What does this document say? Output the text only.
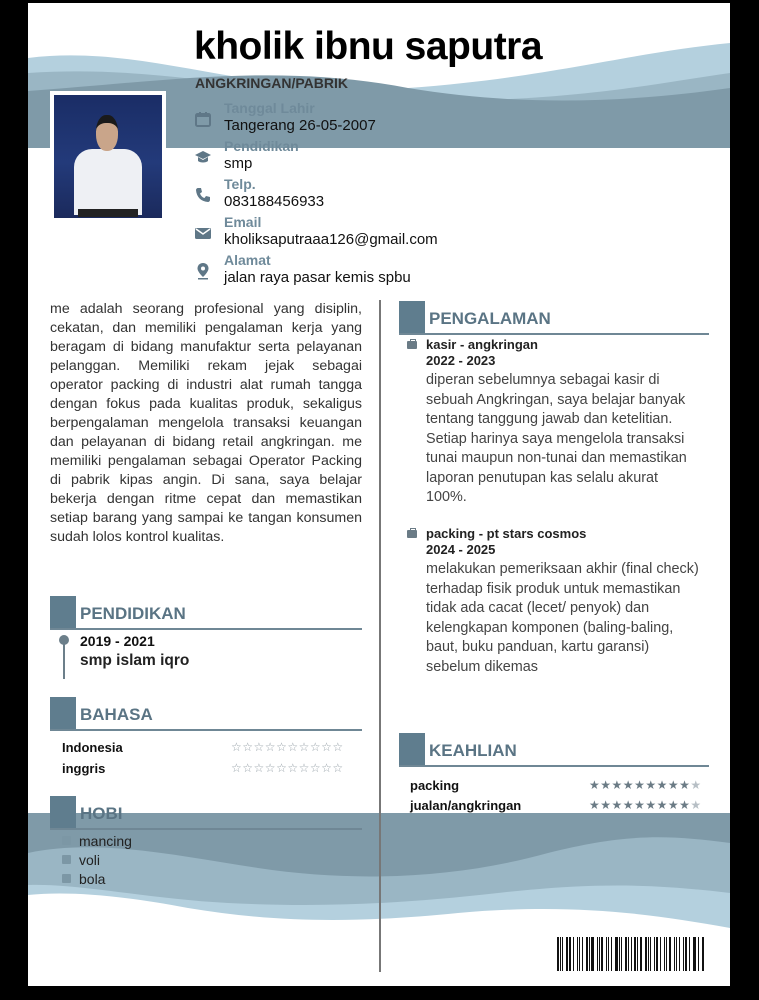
kholik ibnu saputra
ANGKRINGAN/PABRIK
Tanggal Lahir
Tangerang 26-05-2007
Pendidikan
smp
Telp.
083188456933
Email
kholiksaputraaa126@gmail.com
Alamat
jalan raya pasar kemis spbu
me adalah seorang profesional yang disiplin, cekatan, dan memiliki pengalaman kerja yang beragam di bidang manufaktur serta pelayanan pelanggan. Memiliki rekam jejak sebagai operator packing di industri alat rumah tangga dengan fokus pada kualitas produk, sekaligus berpengalaman mengelola transaksi keuangan dan pelayanan di bidang retail angkringan. me memiliki pengalaman sebagai Operator Packing di pabrik kipas angin. Di sana, saya belajar bekerja dengan ritme cepat dan memastikan setiap barang yang sampai ke tangan konsumen sudah lolos kontrol kualitas.
PENDIDIKAN
2019 - 2021
smp islam iqro
BAHASA
Indonesia	☆☆☆☆☆☆☆☆☆☆
inggris	☆☆☆☆☆☆☆☆☆☆
HOBI
mancing
voli
bola
PENGALAMAN
kasir - angkringan
2022 - 2023
diperan sebelumnya sebagai kasir di sebuah Angkringan, saya belajar banyak tentang tanggung jawab dan ketelitian. Setiap harinya saya mengelola transaksi tunai maupun non-tunai dan memastikan laporan penutupan kas selalu akurat 100%.
packing - pt stars cosmos
2024 - 2025
melakukan pemeriksaan akhir (final check) terhadap fisik produk untuk memastikan tidak ada cacat (lecet/ penyok) dan kelengkapan komponen (baling-baling, baut, buku panduan, kartu garansi) sebelum dikemas
KEAHLIAN
packing	★★★★★★★★★★
jualan/angkringan	★★★★★★★★★★
